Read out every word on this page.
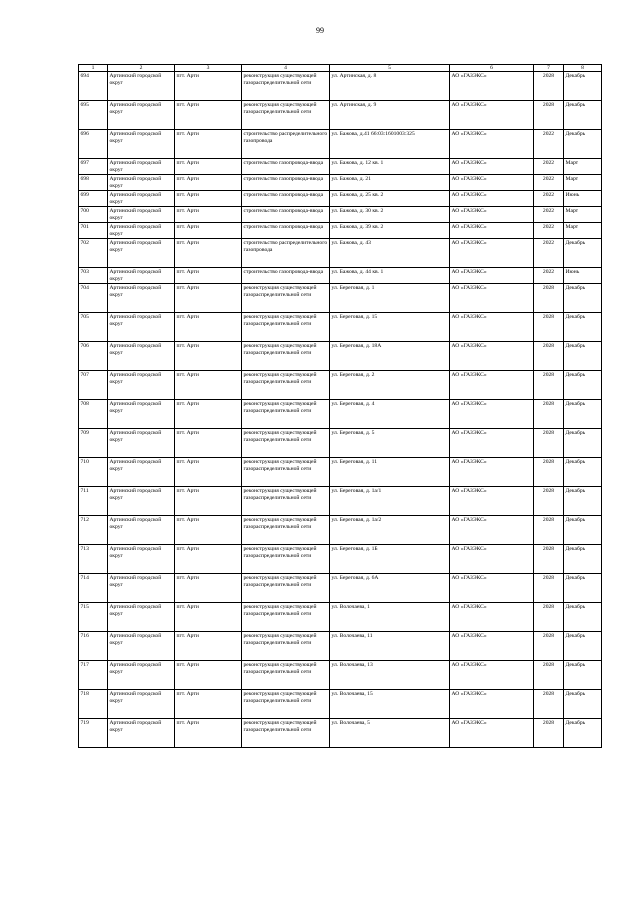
99
1	2	3	4	5	6	7	8
694	Артинский городской округ	пгт. Арти	реконструкция существующей газораспределительной сети	ул. Артинская, д. 8	АО «ГАЗЭКС»	2028	Декабрь
695	Артинский городской округ	пгт. Арти	реконструкция существующей газораспределительной сети	ул. Артинская, д. 9	АО «ГАЗЭКС»	2028	Декабрь
696	Артинский городской округ	пгт. Арти	строительство распределительного газопровода	ул. Бажова, д.41 66:03:1601003:325	АО «ГАЗЭКС»	2022	Декабрь
697	Артинский городской округ	пгт. Арти	строительство газопровода-ввода	ул. Бажова, д. 12 кв. 1	АО «ГАЗЭКС»	2022	Март
698	Артинский городской округ	пгт. Арти	строительство газопровода-ввода	ул. Бажова, д. 21	АО «ГАЗЭКС»	2022	Март
699	Артинский городской округ	пгт. Арти	строительство газопровода-ввода	ул. Бажова, д. 25 кв. 2	АО «ГАЗЭКС»	2022	Июнь
700	Артинский городской округ	пгт. Арти	строительство газопровода-ввода	ул. Бажова, д. 30 кв. 2	АО «ГАЗЭКС»	2022	Март
701	Артинский городской округ	пгт. Арти	строительство газопровода-ввода	ул. Бажова, д. 39 кв. 2	АО «ГАЗЭКС»	2022	Март
702	Артинский городской округ	пгт. Арти	строительство распределительного газопровода	ул. Бажова, д. 43	АО «ГАЗЭКС»	2022	Декабрь
703	Артинский городской округ	пгт. Арти	строительство газопровода-ввода	ул. Бажова, д. 44 кв. 1	АО «ГАЗЭКС»	2022	Июнь
704	Артинский городской округ	пгт. Арти	реконструкция существующей газораспределительной сети	ул. Береговая, д. 1	АО «ГАЗЭКС»	2028	Декабрь
705	Артинский городской округ	пгт. Арти	реконструкция существующей газораспределительной сети	ул. Береговая, д. 15	АО «ГАЗЭКС»	2028	Декабрь
706	Артинский городской округ	пгт. Арти	реконструкция существующей газораспределительной сети	ул. Береговая, д. 18А	АО «ГАЗЭКС»	2028	Декабрь
707	Артинский городской округ	пгт. Арти	реконструкция существующей газораспределительной сети	ул. Береговая, д. 2	АО «ГАЗЭКС»	2028	Декабрь
708	Артинский городской округ	пгт. Арти	реконструкция существующей газораспределительной сети	ул. Береговая, д. 4	АО «ГАЗЭКС»	2028	Декабрь
709	Артинский городской округ	пгт. Арти	реконструкция существующей газораспределительной сети	ул. Береговая, д. 5	АО «ГАЗЭКС»	2028	Декабрь
710	Артинский городской округ	пгт. Арти	реконструкция существующей газораспределительной сети	ул. Береговая, д. 11	АО «ГАЗЭКС»	2028	Декабрь
711	Артинский городской округ	пгт. Арти	реконструкция существующей газораспределительной сети	ул. Береговая, д. 1а/1	АО «ГАЗЭКС»	2028	Декабрь
712	Артинский городской округ	пгт. Арти	реконструкция существующей газораспределительной сети	ул. Береговая, д. 1а/2	АО «ГАЗЭКС»	2028	Декабрь
713	Артинский городской округ	пгт. Арти	реконструкция существующей газораспределительной сети	ул. Береговая, д. 1Б	АО «ГАЗЭКС»	2028	Декабрь
714	Артинский городской округ	пгт. Арти	реконструкция существующей газораспределительной сети	ул. Береговая, д. 6А	АО «ГАЗЭКС»	2028	Декабрь
715	Артинский городской округ	пгт. Арти	реконструкция существующей газораспределительной сети	ул. Волочаева, 1	АО «ГАЗЭКС»	2028	Декабрь
716	Артинский городской округ	пгт. Арти	реконструкция существующей газораспределительной сети	ул. Волочаева, 11	АО «ГАЗЭКС»	2028	Декабрь
717	Артинский городской округ	пгт. Арти	реконструкция существующей газораспределительной сети	ул. Волочаева, 13	АО «ГАЗЭКС»	2028	Декабрь
718	Артинский городской округ	пгт. Арти	реконструкция существующей газораспределительной сети	ул. Волочаева, 15	АО «ГАЗЭКС»	2028	Декабрь
719	Артинский городской округ	пгт. Арти	реконструкция существующей газораспределительной сети	ул. Волочаева, 5	АО «ГАЗЭКС»	2028	Декабрь
